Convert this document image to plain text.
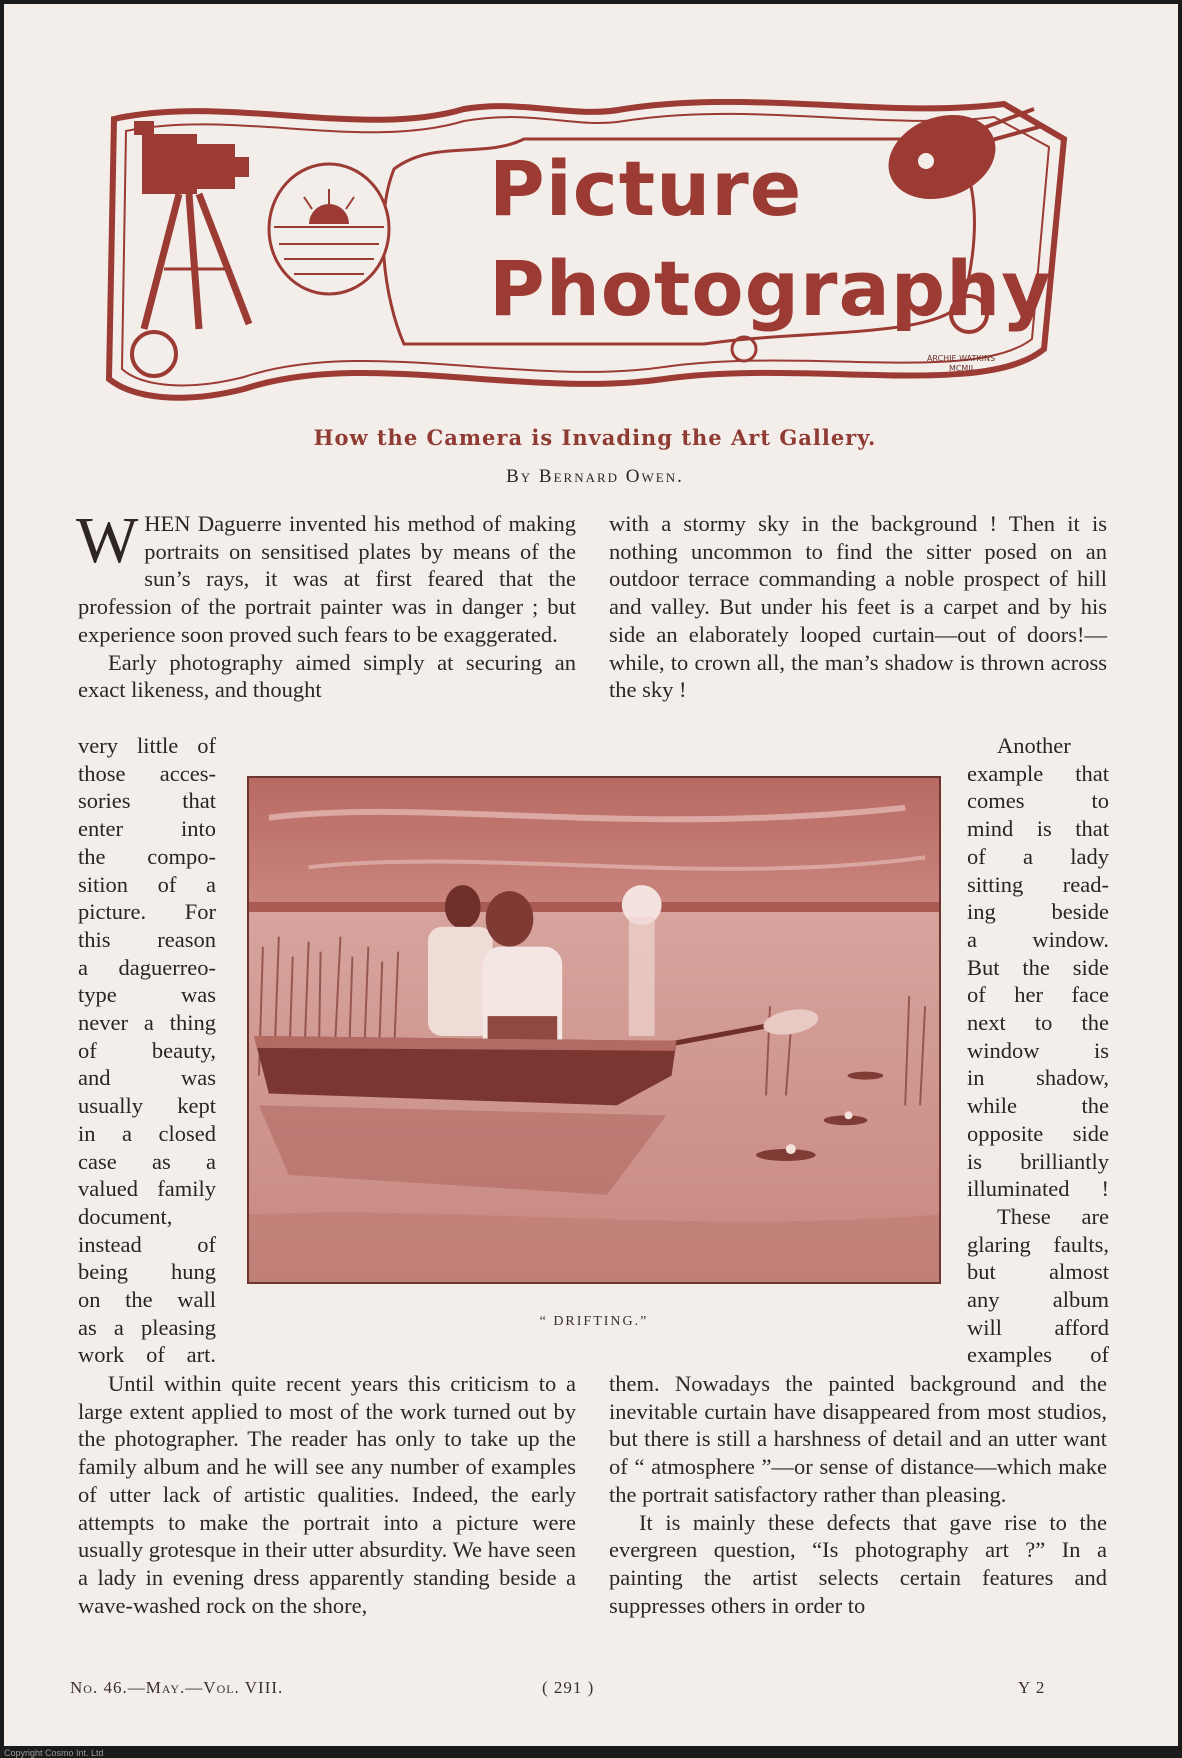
Picture
Photography
ARCHIE WATKINS MCMII
How the Camera is Invading the Art Gallery.
By Bernard Owen.
W HEN Daguerre invented his method of making portraits on sensitised plates by means of the sun’s rays, it was at first feared that the profession of the portrait painter was in danger ; but experience soon proved such fears to be exaggerated.

Early photography aimed simply at securing an exact likeness, and thought

with a stormy sky in the background ! Then it is nothing uncommon to find the sitter posed on an outdoor terrace commanding a noble prospect of hill and valley. But under his feet is a carpet and by his side an elaborately looped curtain—out of doors!—while, to crown all, the man’s shadow is thrown across the sky !

very little of
those acces-
sories that
enter into
the compo-
sition of a
picture. For
this reason
a daguerreo-
type was
never a thing
of beauty,
and was
usually kept
in a closed
case as a
valued family
document,
instead of
being hung
on the wall
as a pleasing
work of art.
“ DRIFTING.”
Another
example that
comes to
mind is that
of a lady
sitting read-
ing beside
a window.
But the side
of her face
next to the
window is
in shadow,
while the
opposite side
is brilliantly
illuminated !
These are
glaring faults,
but almost
any album
will afford
examples of

Until within quite recent years this criticism to a large extent applied to most of the work turned out by the photographer. The reader has only to take up the family album and he will see any number of examples of utter lack of artistic qualities. Indeed, the early attempts to make the portrait into a picture were usually grotesque in their utter absurdity. We have seen a lady in evening dress apparently standing beside a wave-washed rock on the shore,

them. Nowadays the painted background and the inevitable curtain have disappeared from most studios, but there is still a harshness of detail and an utter want of “ atmosphere ”—or sense of distance—which make the portrait satisfactory rather than pleasing.

It is mainly these defects that gave rise to the evergreen question, “Is photography art ?” In a painting the artist selects certain features and suppresses others in order to

No. 46.—May.—Vol. VIII.	( 291 )	Y 2
Copyright Cosmo Int. Ltd
